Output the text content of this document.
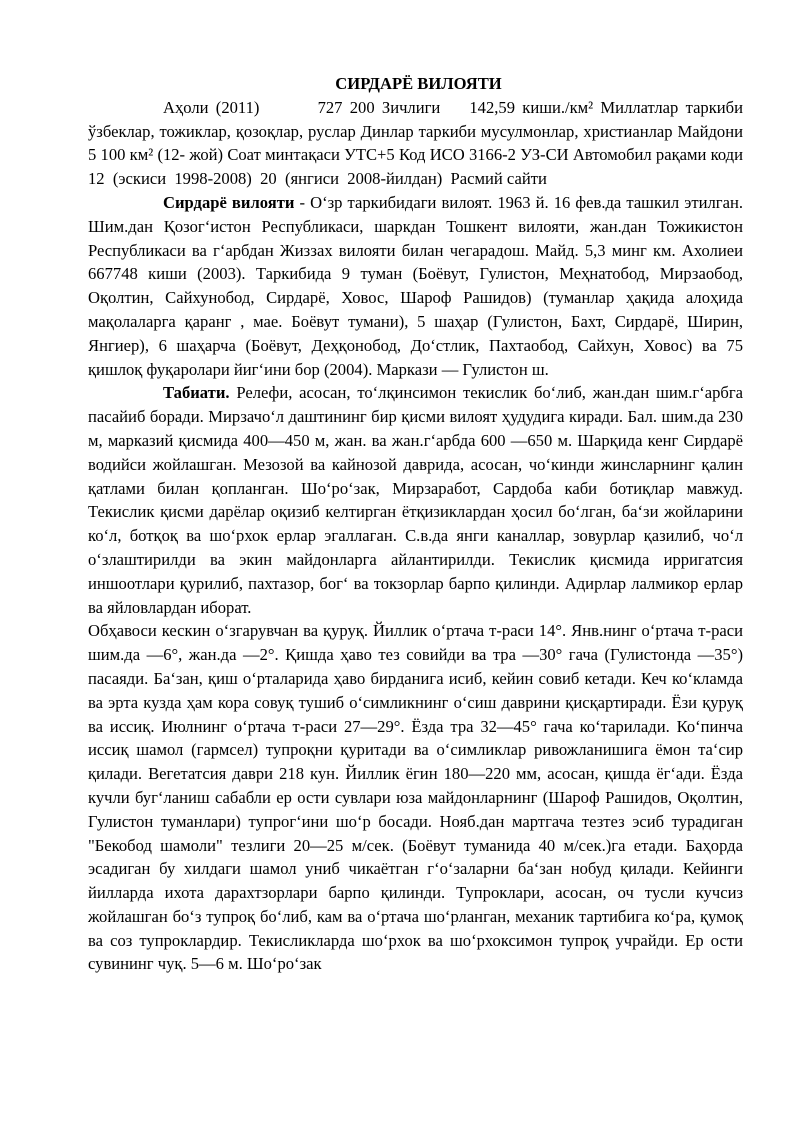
СИРДАРЁ ВИЛОЯТИ

Аҳоли (2011)        727 200 Зичлиги    142,59 киши./км² Миллатлар таркиби ўзбеклар, тожиклар, қозоқлар, руслар Динлар таркиби мусулмонлар, христианлар Майдони    5 100 км² (12- жой) Соат минтақаси УТС+5 Код ИСО 3166-2 УЗ-СИ Автомобил рақами коди  12  (эскиси  1998-2008)  20  (янгиси  2008-йилдан)  Расмий сайти

Сирдарё вилояти - Оʻзр таркибидаги вилоят. 1963 й. 16 фев.да ташкил этилган. Шим.дан Қозогʻистон Республикаси, шаркдан Тошкент вилояти, жан.дан Тожикистон Республикаси ва гʻарбдан Жиззах вилояти билан чегарадош. Майд. 5,3 минг км. Ахолиеи 667748 киши (2003). Таркибида 9 туман (Боёвут, Гулистон, Меҳнатобод, Мирзаобод, Оқолтин, Сайхунобод, Сирдарё, Ховос, Шароф Рашидов) (туманлар ҳақида алоҳида мақолаларга қаранг , мае. Боёвут тумани), 5 шаҳар (Гулистон, Бахт, Сирдарё, Ширин, Янгиер), 6 шаҳарча (Боёвут, Деҳқонобод, Доʻстлик, Пахтаобод, Сайхун, Ховос) ва 75 қишлоқ фуқаролари йигʻини бор (2004). Маркази — Гулистон ш.

Табиати. Релефи, асосан, тоʻлқинсимон текислик боʻлиб, жан.дан шим.гʻарбга пасайиб боради. Мирзачоʻл даштининг бир қисми вилоят ҳудудига киради. Бал. шим.да 230 м, марказий қисмида 400—450 м, жан. ва жан.гʻарбда 600 —650 м. Шарқида кенг Сирдарё водийси жойлашган. Мезозой ва кайнозой даврида, асосан, чоʻкинди жинсларнинг қалин қатлами билан қопланган. Шоʻроʻзак, Мирзаработ, Сардоба каби ботиқлар мавжуд. Текислик қисми дарёлар оқизиб келтирган ётқизиклардан ҳосил боʻлган, баʻзи жойларини коʻл, ботқоқ ва шоʻрхок ерлар эгаллаган. С.в.да янги каналлар, зовурлар қазилиб, чоʻл оʻзлаштирилди ва экин майдонларга айлантирилди. Текислик қисмида ирригатсия иншоотлари қурилиб, пахтазор, богʻ ва токзорлар барпо қилинди. Адирлар лалмикор ерлар ва яйловлардан иборат.

Обҳавоси кескин оʻзгарувчан ва қуруқ. Йиллик оʻртача т-раси 14°. Янв.нинг оʻртача т-раси шим.да —6°, жан.да —2°. Қишда ҳаво тез совийди ва тра —30° гача (Гулистонда —35°) пасаяди. Баʻзан, қиш оʻрталарида ҳаво бирданига исиб, кейин совиб кетади. Кеч коʻкламда ва эрта кузда ҳам кора совуқ тушиб оʻсимликнинг оʻсиш даврини қисқартиради. Ёзи қуруқ ва иссиқ. Июлнинг оʻртача т-раси 27—29°. Ёзда тра 32—45° гача коʻтарилади. Коʻпинча иссиқ шамол (гармсел) тупроқни қуритади ва оʻсимликлар ривожланишига ёмон таʻсир қилади. Вегетатсия даври 218 кун. Йиллик ёгин 180—220 мм, асосан, қишда ёгʻади. Ёзда кучли бугʻланиш сабабли ер ости сувлари юза майдонларнинг (Шароф Рашидов, Оқолтин, Гулистон туманлари) тупрогʻини шоʻр босади. Нояб.дан мартгача тезтез эсиб турадиган "Бекобод шамоли" тезлиги 20—25 м/сек. (Боёвут туманида 40 м/сек.)га етади. Баҳорда эсадиган бу хилдаги шамол униб чикаётган гʻоʻзаларни баʻзан нобуд қилади. Кейинги йилларда ихота дарахтзорлари барпо қилинди. Тупроклари, асосан, оч тусли кучсиз жойлашган боʻз тупроқ боʻлиб, кам ва оʻртача шоʻрланган, механик тартибига коʻра, қумоқ ва соз тупроклардир. Текисликларда шоʻрхок ва шоʻрхоксимон тупроқ учрайди. Ер ости сувининг чуқ. 5—6 м. Шоʻроʻзак
